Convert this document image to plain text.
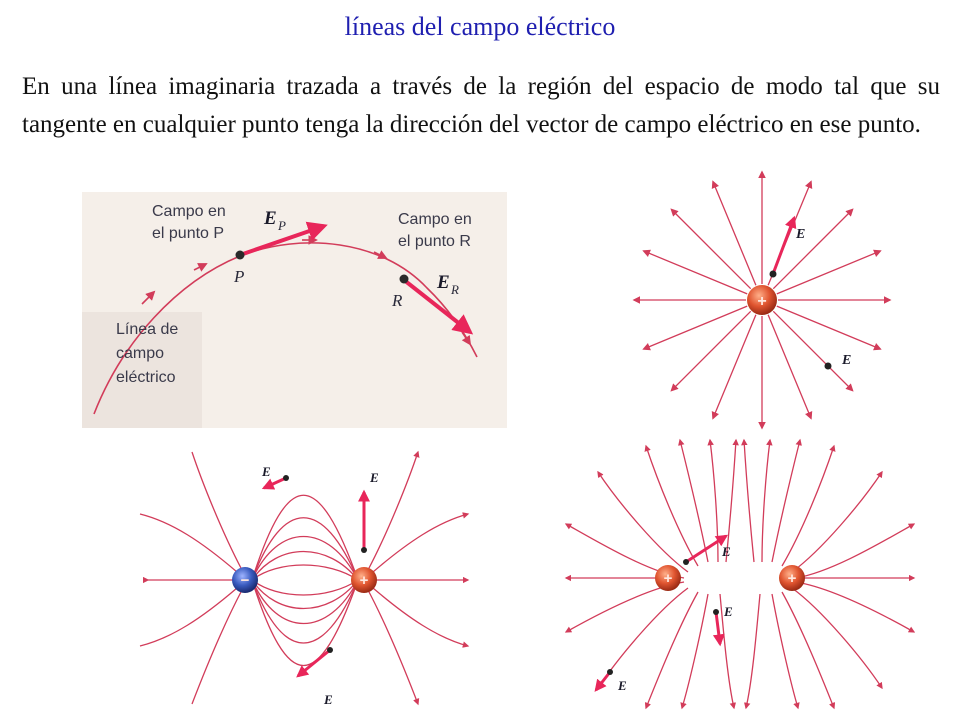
líneas del campo eléctrico
En una línea imaginaria trazada a través de la región del espacio de modo tal que su tangente en cualquier punto tenga la dirección del vector de campo eléctrico en ese punto.
Campo en
el punto P
E P
P
Campo en
el punto R
E R
R
Línea de
campo
eléctrico
E
E
+
E	E
E
−	+
E
E
E
+	+
